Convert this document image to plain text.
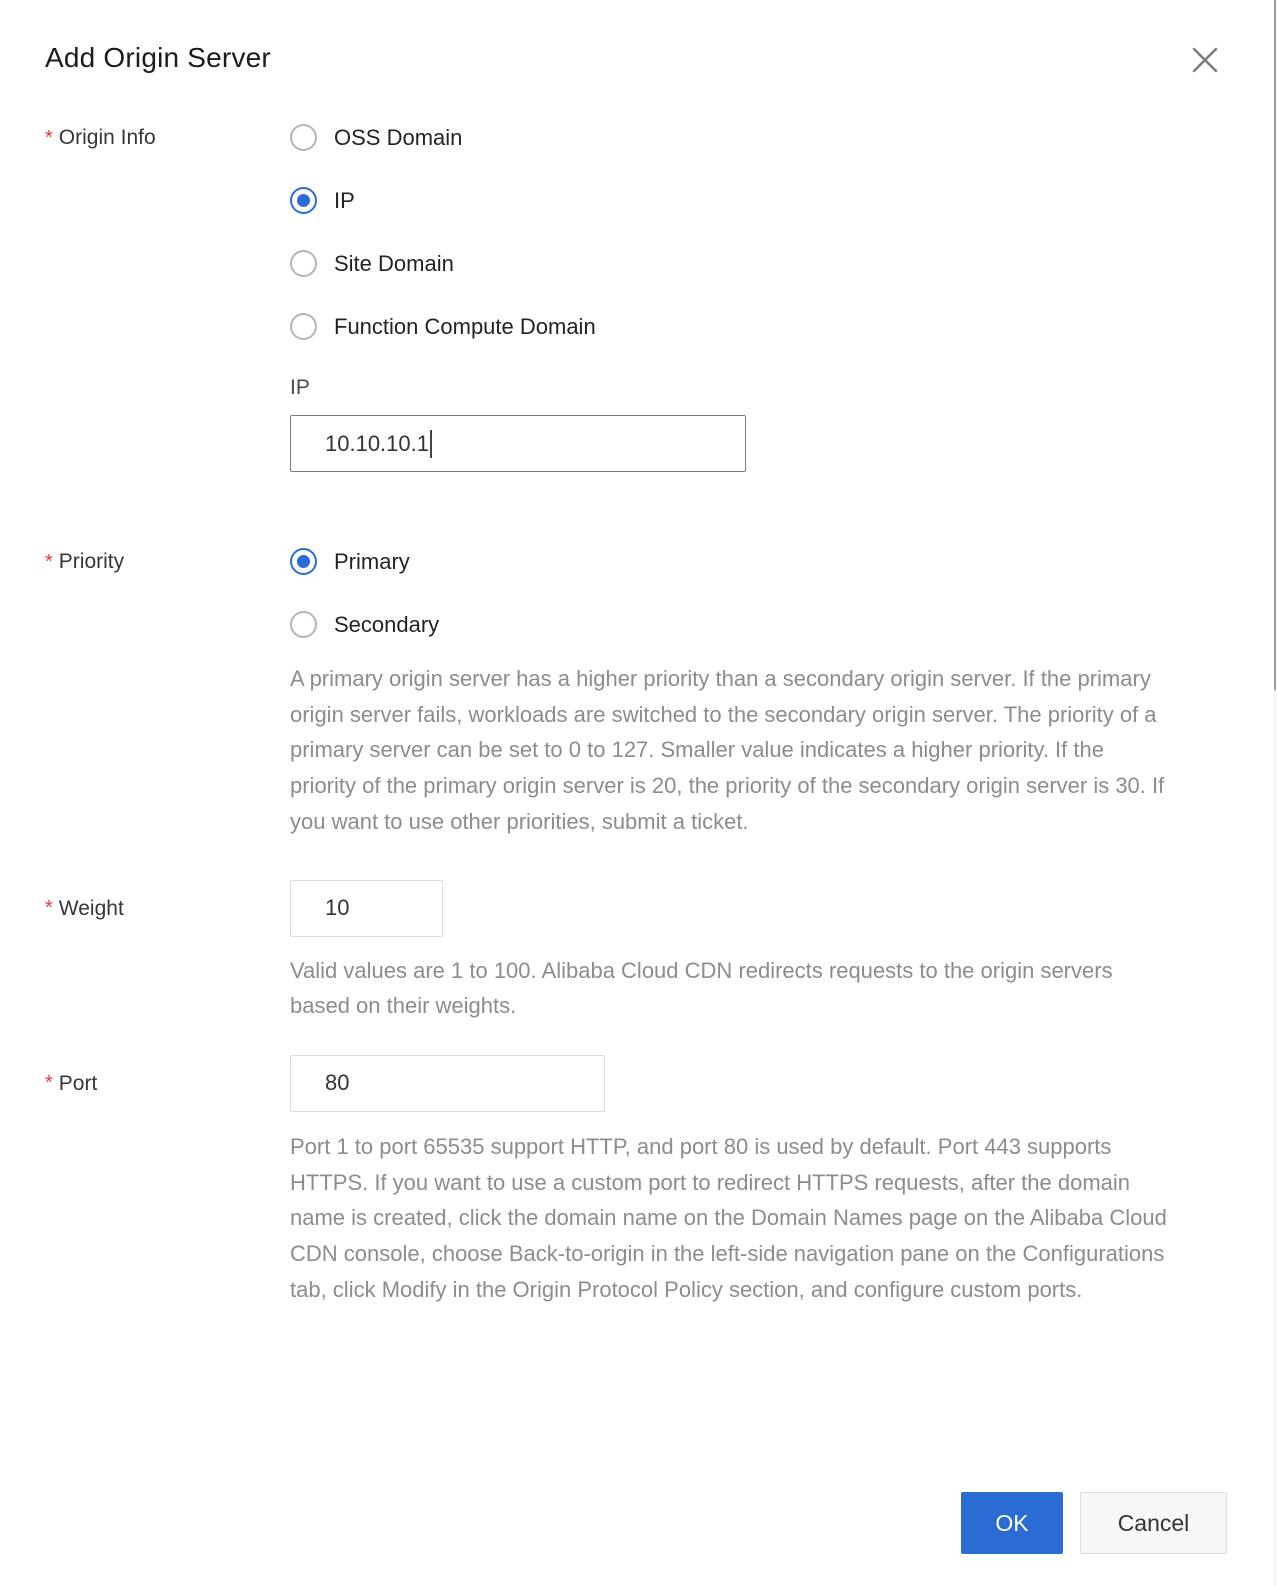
Add Origin Server
* Origin Info	OSS Domain
IP
Site Domain
Function Compute Domain
IP
10.10.10.1
* Priority	Primary
Secondary
A primary origin server has a higher priority than a secondary origin server. If the primary origin server fails, workloads are switched to the secondary origin server. The priority of a primary server can be set to 0 to 127. Smaller value indicates a higher priority. If the priority of the primary origin server is 20, the priority of the secondary origin server is 30. If you want to use other priorities, submit a ticket.
* Weight
10
Valid values are 1 to 100. Alibaba Cloud CDN redirects requests to the origin servers based on their weights.
* Port
80
Port 1 to port 65535 support HTTP, and port 80 is used by default. Port 443 supports HTTPS. If you want to use a custom port to redirect HTTPS requests, after the domain name is created, click the domain name on the Domain Names page on the Alibaba Cloud CDN console, choose Back-to-origin in the left-side navigation pane on the Configurations tab, click Modify in the Origin Protocol Policy section, and configure custom ports.
OK	Cancel
